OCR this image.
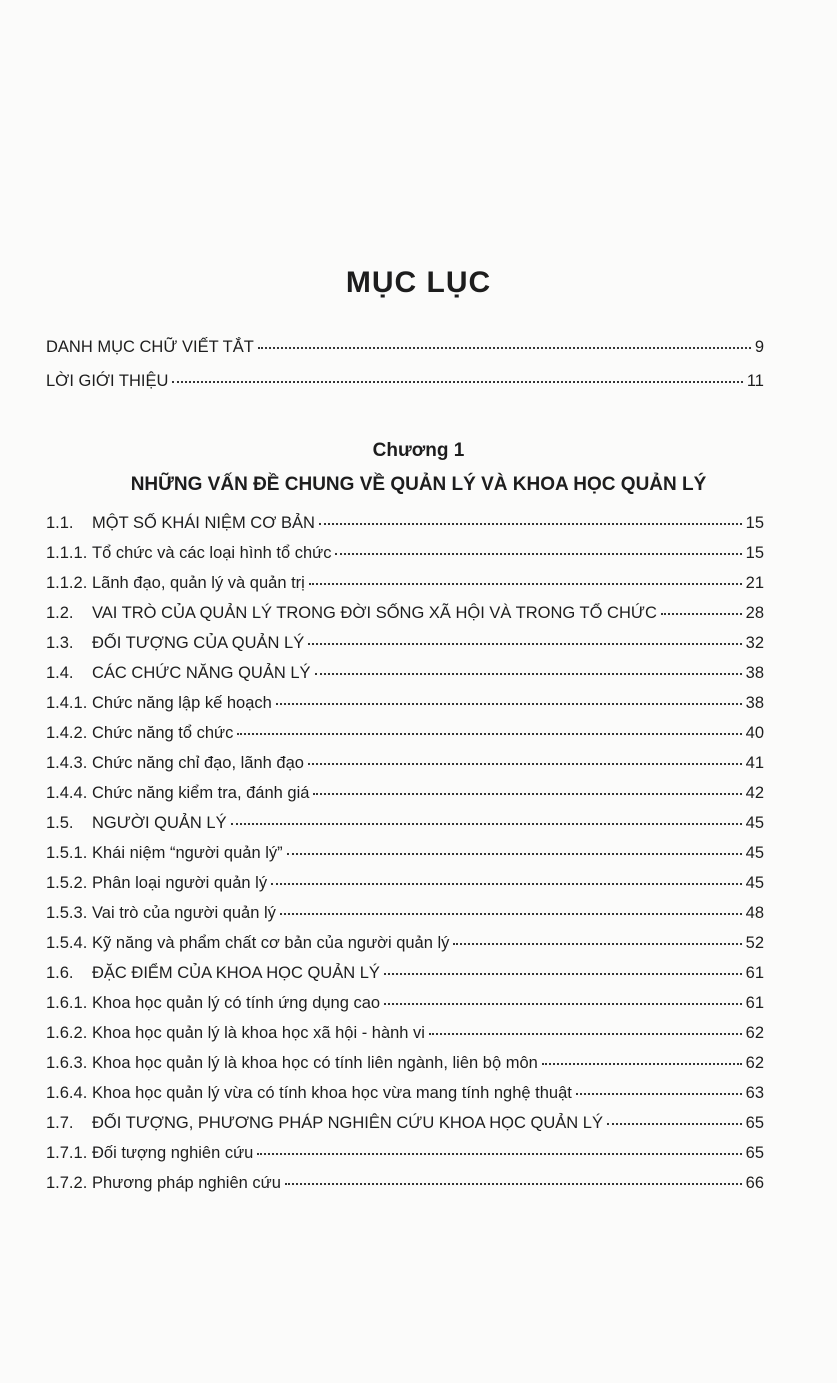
MỤC LỤC
DANH MỤC CHỮ VIẾT TẮT	9
LỜI GIỚI THIỆU	11
Chương 1
NHỮNG VẤN ĐỀ CHUNG VỀ QUẢN LÝ VÀ KHOA HỌC QUẢN LÝ
1.1.	MỘT SỐ KHÁI NIỆM CƠ BẢN	15
1.1.1. Tổ chức và các loại hình tổ chức	15
1.1.2. Lãnh đạo, quản lý và quản trị	21
1.2.	VAI TRÒ CỦA QUẢN LÝ TRONG ĐỜI SỐNG XÃ HỘI VÀ TRONG TỔ CHỨC	28
1.3.	ĐỐI TƯỢNG CỦA QUẢN LÝ	32
1.4.	CÁC CHỨC NĂNG QUẢN LÝ	38
1.4.1. Chức năng lập kế hoạch	38
1.4.2. Chức năng tổ chức	40
1.4.3. Chức năng chỉ đạo, lãnh đạo	41
1.4.4. Chức năng kiểm tra, đánh giá	42
1.5.	NGƯỜI QUẢN LÝ	45
1.5.1. Khái niệm “người quản lý”	45
1.5.2. Phân loại người quản lý	45
1.5.3. Vai trò của người quản lý	48
1.5.4. Kỹ năng và phẩm chất cơ bản của người quản lý	52
1.6.	ĐẶC ĐIỂM CỦA KHOA HỌC QUẢN LÝ	61
1.6.1. Khoa học quản lý có tính ứng dụng cao	61
1.6.2. Khoa học quản lý là khoa học xã hội - hành vi	62
1.6.3. Khoa học quản lý là khoa học có tính liên ngành, liên bộ môn	62
1.6.4. Khoa học quản lý vừa có tính khoa học vừa mang tính nghệ thuật	63
1.7.	ĐỐI TƯỢNG, PHƯƠNG PHÁP NGHIÊN CỨU KHOA HỌC QUẢN LÝ	65
1.7.1. Đối tượng nghiên cứu	65
1.7.2. Phương pháp nghiên cứu	66
